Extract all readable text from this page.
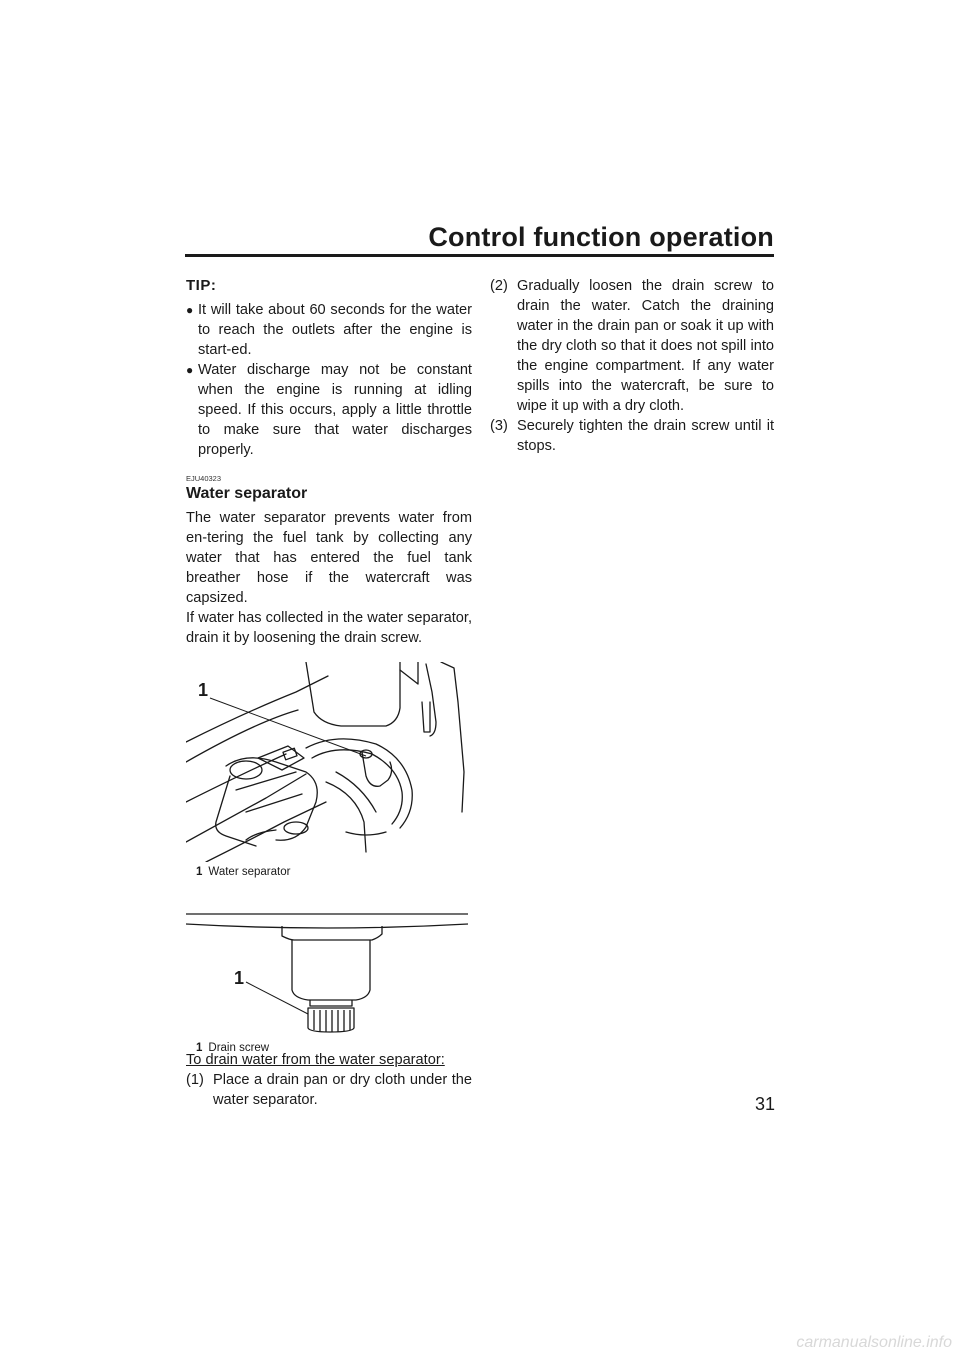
Control function operation
TIP:
● It will take about 60 seconds for the water to reach the outlets after the engine is start-ed.
● Water discharge may not be constant when the engine is running at idling speed. If this occurs, apply a little throttle to make sure that water discharges properly.
EJU40323
Water separator

The water separator prevents water from en-tering the fuel tank by collecting any water that has entered the fuel tank breather hose if the watercraft was capsized.

If water has collected in the water separator, drain it by loosening the drain screw.

1
1 Water separator
1
1 Drain screw
To drain water from the water separator:
(1) Place a drain pan or dry cloth under the water separator.
(2) Gradually loosen the drain screw to drain the water. Catch the draining water in the drain pan or soak it up with the dry cloth so that it does not spill into the engine compartment. If any water spills into the watercraft, be sure to wipe it up with a dry cloth.
(3) Securely tighten the drain screw until it stops.
31
carmanualsonline.info
